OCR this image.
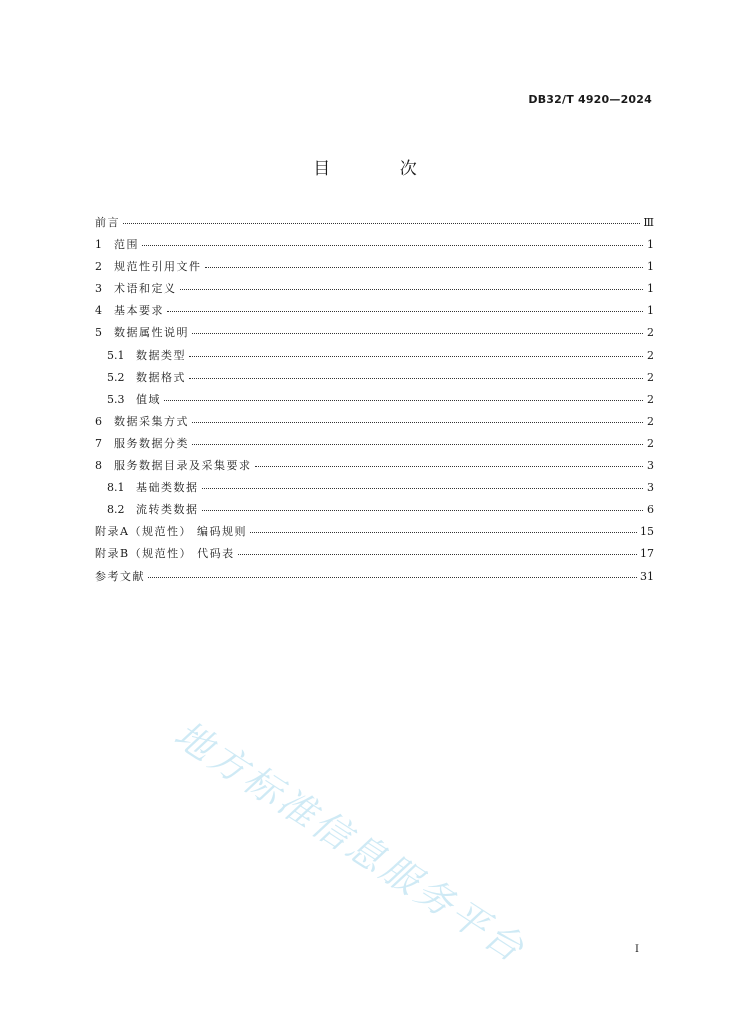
DB32/T 4920—2024
目 次
前言	Ⅲ
1	范围	1
2	规范性引用文件	1
3	术语和定义	1
4	基本要求	1
5	数据属性说明	2
5.1	数据类型	2
5.2	数据格式	2
5.3	值域	2
6	数据采集方式	2
7	服务数据分类	2
8	服务数据目录及采集要求	3
8.1	基础类数据	3
8.2	流转类数据	6
附录A（规范性） 编码规则	15
附录B（规范性） 代码表	17
参考文献	31
地方标准信息服务平台	I
